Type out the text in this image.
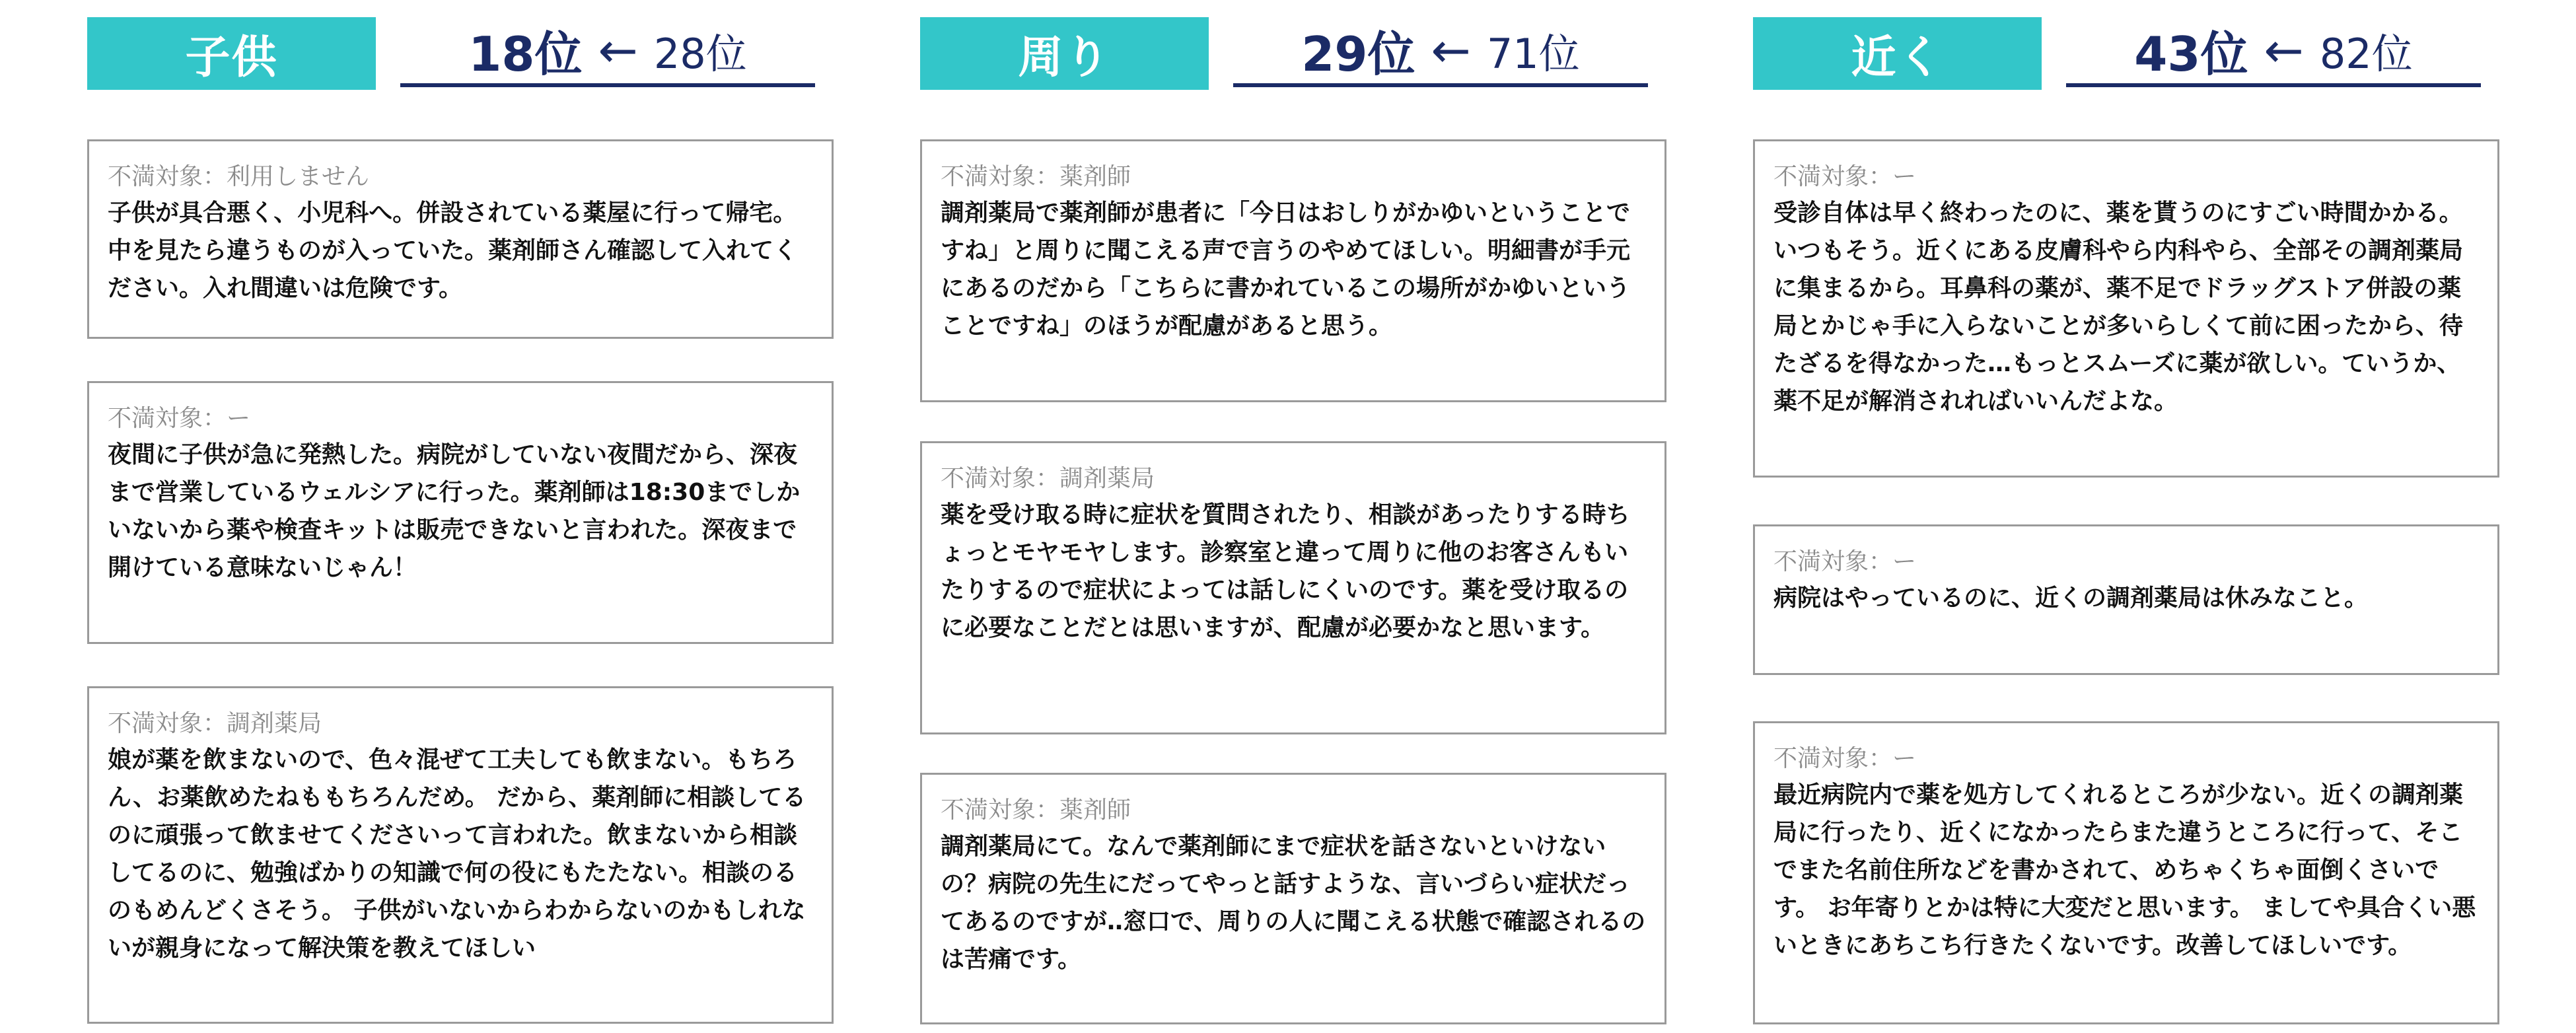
子供	18位 ← 28位
不満対象：利用しません
子供が具合悪く、小児科へ。併設されている薬屋に行って帰宅。中を見たら違うものが入っていた。薬剤師さん確認して入れてください。入れ間違いは危険です。
不満対象：ー
夜間に子供が急に発熱した。病院がしていない夜間だから、深夜まで営業しているウェルシアに行った。薬剤師は18:30までしかいないから薬や検査キットは販売できないと言われた。深夜まで開けている意味ないじゃん！
不満対象：調剤薬局
娘が薬を飲まないので、色々混ぜて工夫しても飲まない。もちろん、お薬飲めたねももちろんだめ。 だから、薬剤師に相談してるのに頑張って飲ませてくださいって言われた。飲まないから相談してるのに、勉強ばかりの知識で何の役にもたたない。相談のるのもめんどくさそう。 子供がいないからわからないのかもしれないが親身になって解決策を教えてほしい
周り	29位 ← 71位
不満対象：薬剤師
調剤薬局で薬剤師が患者に「今日はおしりがかゆいということですね」と周りに聞こえる声で言うのやめてほしい。明細書が手元にあるのだから「こちらに書かれているこの場所がかゆいということですね」のほうが配慮があると思う。
不満対象：調剤薬局
薬を受け取る時に症状を質問されたり、相談があったりする時ちょっとモヤモヤします。診察室と違って周りに他のお客さんもいたりするので症状によっては話しにくいのです。薬を受け取るのに必要なことだとは思いますが、配慮が必要かなと思います。
不満対象：薬剤師
調剤薬局にて。なんで薬剤師にまで症状を話さないといけないの？病院の先生にだってやっと話すような、言いづらい症状だってあるのですが‥窓口で、周りの人に聞こえる状態で確認されるのは苦痛です。
近く	43位 ← 82位
不満対象：ー
受診自体は早く終わったのに、薬を貰うのにすごい時間かかる。いつもそう。近くにある皮膚科やら内科やら、全部その調剤薬局に集まるから。耳鼻科の薬が、薬不足でドラッグストア併設の薬局とかじゃ手に入らないことが多いらしくて前に困ったから、待たざるを得なかった…もっとスムーズに薬が欲しい。ていうか、薬不足が解消されればいいんだよな。
不満対象：ー
病院はやっているのに、近くの調剤薬局は休みなこと。
不満対象：ー
最近病院内で薬を処方してくれるところが少ない。近くの調剤薬局に行ったり、近くになかったらまた違うところに行って、そこでまた名前住所などを書かされて、めちゃくちゃ面倒くさいです。 お年寄りとかは特に大変だと思います。 ましてや具合くい悪いときにあちこち行きたくないです。改善してほしいです。
